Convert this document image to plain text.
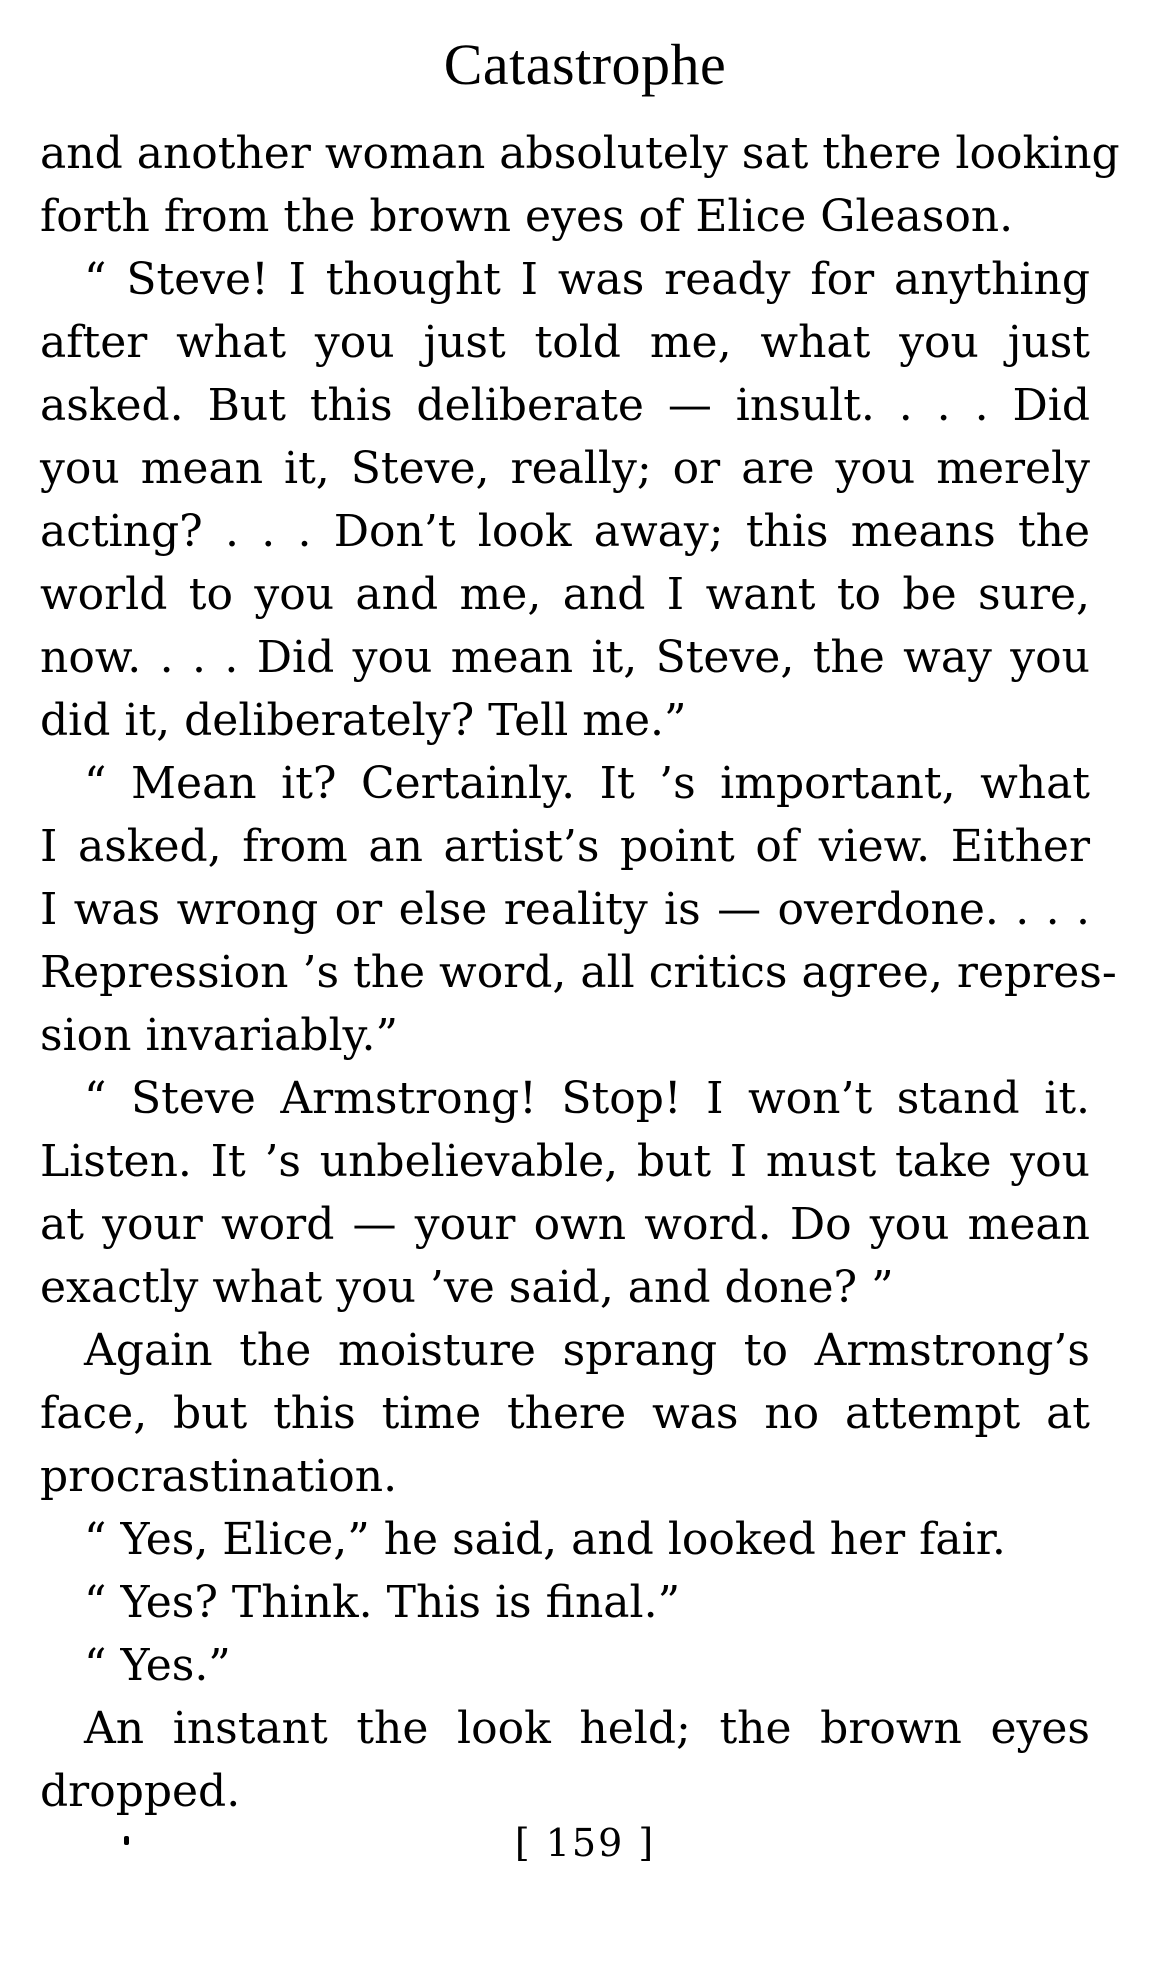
Catastrophe
and another woman absolutely sat there looking
forth from the brown eyes of Elice Gleason.
“ Steve! I thought I was ready for anything
after what you just told me, what you just
asked. But this deliberate — insult. . . . Did
you mean it, Steve, really; or are you merely
acting? . . . Don’t look away; this means the
world to you and me, and I want to be sure,
now. . . . Did you mean it, Steve, the way you
did it, deliberately? Tell me.”
“ Mean it? Certainly. It ’s important, what
I asked, from an artist’s point of view. Either
I was wrong or else reality is — overdone. . . .
Repression ’s the word, all critics agree, repres-
sion invariably.”
“ Steve Armstrong! Stop! I won’t stand it.
Listen. It ’s unbelievable, but I must take you
at your word — your own word. Do you mean
exactly what you ’ve said, and done? ”
Again the moisture sprang to Armstrong’s
face, but this time there was no attempt at
procrastination.
“ Yes, Elice,” he said, and looked her fair.
“ Yes? Think. This is final.”
“ Yes.”
An instant the look held; the brown eyes
dropped.
[ 159 ]
